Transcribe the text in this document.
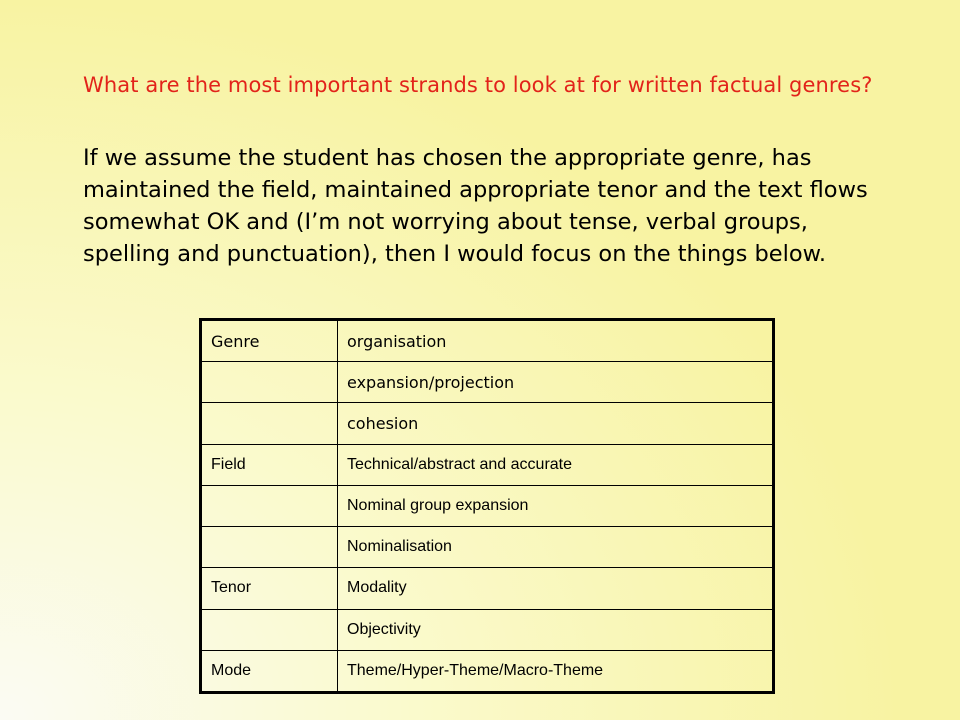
What are the most important strands to look at for written factual genres?

If we assume the student has chosen the appropriate genre, has maintained the field, maintained appropriate tenor and the text flows somewhat OK and (I’m not worrying about tense, verbal groups, spelling and punctuation), then I would focus on the things below.

Genre	organisation
	expansion/projection
	cohesion
Field	Technical/abstract and accurate
	Nominal group expansion
	Nominalisation
Tenor	Modality
	Objectivity
Mode	Theme/Hyper-Theme/Macro-Theme
